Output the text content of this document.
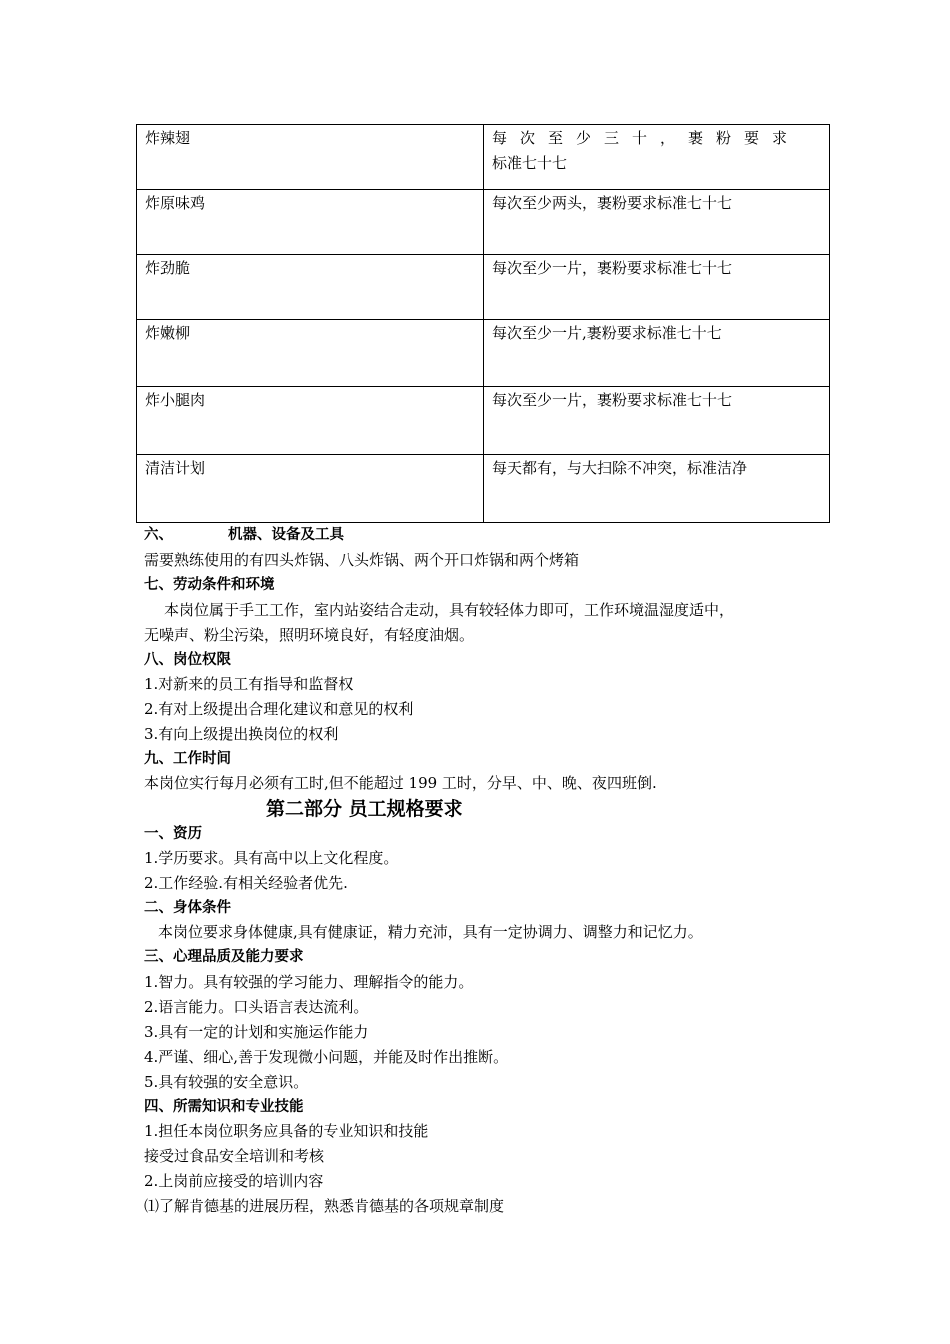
炸辣翅	每次至少三十，裹粉要求
标准七十七
炸原味鸡	每次至少两头，裹粉要求标准七十七
炸劲脆	每次至少一片，裹粉要求标准七十七
炸嫩柳	每次至少一片,裹粉要求标准七十七
炸小腿肉	每次至少一片，裹粉要求标准七十七
清洁计划	每天都有，与大扫除不冲突，标准洁净
六、	机器、设备及工具
需要熟练使用的有四头炸锅、八头炸锅、两个开口炸锅和两个烤箱
七、劳动条件和环境
本岗位属于手工工作，室内站姿结合走动，具有较轻体力即可，工作环境温湿度适中，
无噪声、粉尘污染，照明环境良好，有轻度油烟。
八、岗位权限
1.对新来的员工有指导和监督权
2.有对上级提出合理化建议和意见的权利
3.有向上级提出换岗位的权利
九、工作时间
本岗位实行每月必须有工时,但不能超过 199 工时，分早、中、晚、夜四班倒.
第二部分 员工规格要求
一、资历
1.学历要求。具有高中以上文化程度。
2.工作经验.有相关经验者优先.
二、身体条件
本岗位要求身体健康,具有健康证，精力充沛，具有一定协调力、调整力和记忆力。
三、心理品质及能力要求
1.智力。具有较强的学习能力、理解指令的能力。
2.语言能力。口头语言表达流利。
3.具有一定的计划和实施运作能力
4.严谨、细心,善于发现微小问题，并能及时作出推断。
5.具有较强的安全意识。
四、所需知识和专业技能
1.担任本岗位职务应具备的专业知识和技能
接受过食品安全培训和考核
2.上岗前应接受的培训内容
⑴了解肯德基的进展历程，熟悉肯德基的各项规章制度
